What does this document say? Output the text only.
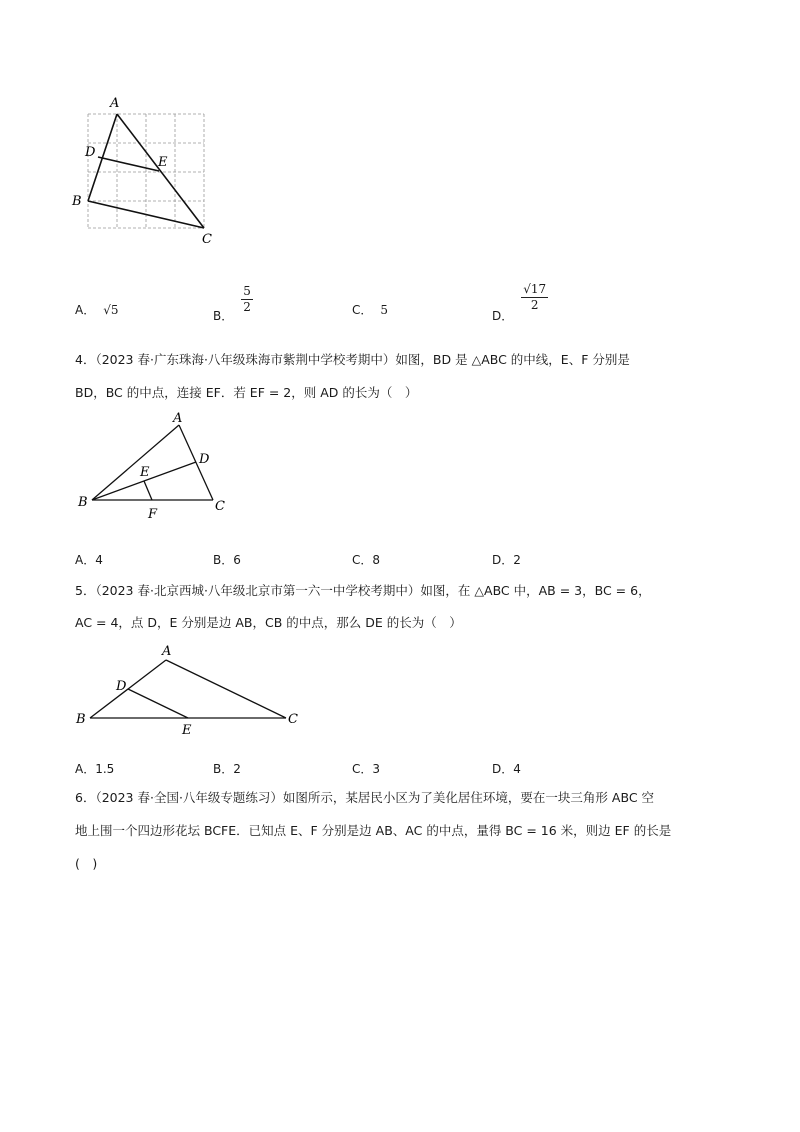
A
D
E
B
C
A． √5	B．
$\frac{5}{2}$	C． 5	D．
$\frac{√17}{2}$
4．（2023 春·广东珠海·八年级珠海市紫荆中学校考期中）如图，BD 是 △ABC 的中线，E、F 分别是
BD，BC 的中点，连接 EF．若 EF = 2，则 AD 的长为（　）
A
D
E
B	C
F
A．4	B．6	C．8	D．2
5．（2023 春·北京西城·八年级北京市第一六一中学校考期中）如图，在 △ABC 中，AB = 3，BC = 6，
AC = 4，点 D，E 分别是边 AB，CB 的中点，那么 DE 的长为（　）
A
D
B	C
E
A．1.5	B．2	C．3	D．4
6．（2023 春·全国·八年级专题练习）如图所示，某居民小区为了美化居住环境，要在一块三角形 ABC 空
地上围一个四边形花坛 BCFE．已知点 E、F 分别是边 AB、AC 的中点，量得 BC = 16 米，则边 EF 的长是
(　)
